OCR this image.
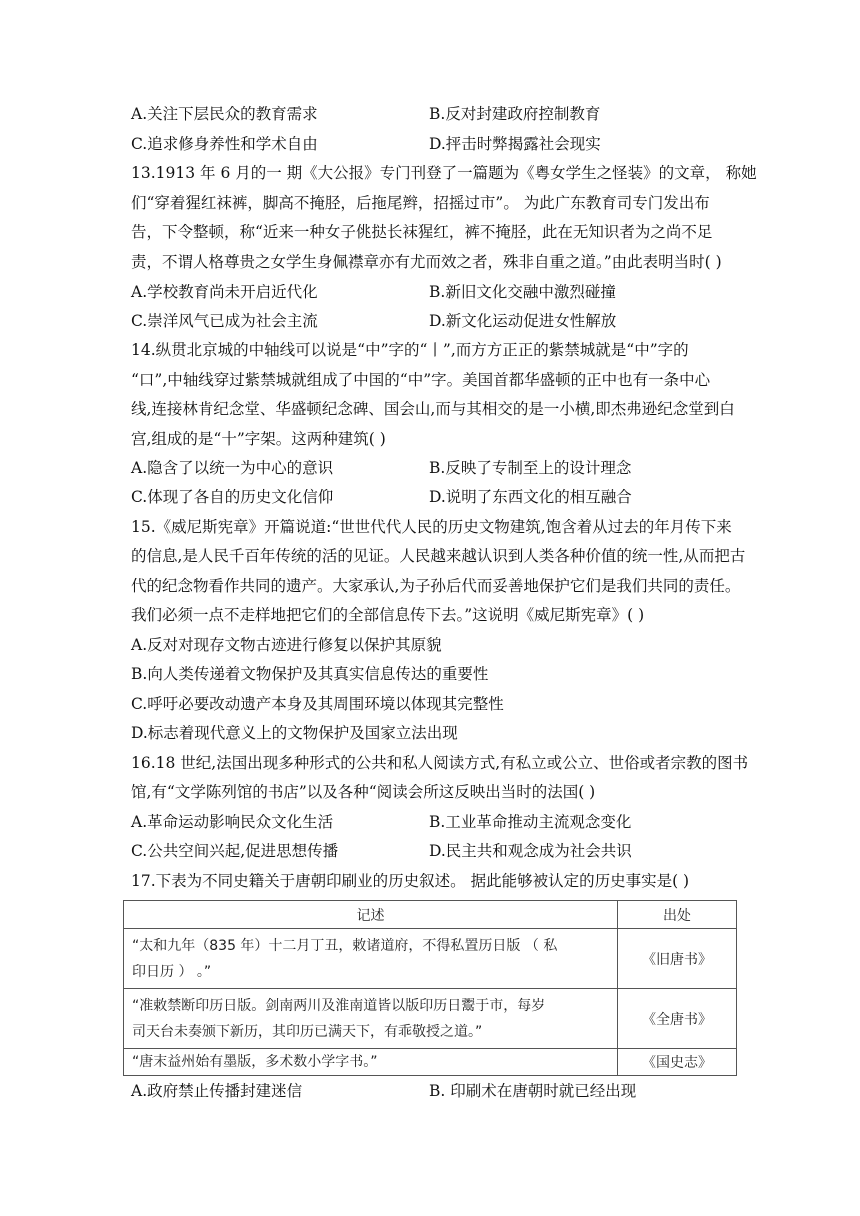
A.关注下层民众的教育需求	B.反对封建政府控制教育
C.追求修身养性和学术自由	D.抨击时弊揭露社会现实
13.1913 年 6 月的一 期《大公报》专门刊登了一篇题为《粤女学生之怪装》的文章， 称她
们“穿着猩红袜裤，脚高不掩胫，后拖尾辫，招摇过市”。 为此广东教育司专门发出布
告，下令整顿，称“近来一种女子佻挞长袜猩红，裤不掩胫，此在无知识者为之尚不足
责，不谓人格尊贵之女学生身佩襟章亦有尤而效之者，殊非自重之道。”由此表明当时( )
A.学校教育尚未开启近代化	B.新旧文化交融中激烈碰撞
C.崇洋风气已成为社会主流	D.新文化运动促进女性解放
14.纵贯北京城的中轴线可以说是“中”字的“丨”,而方方正正的紫禁城就是“中”字的
“口”,中轴线穿过紫禁城就组成了中国的“中”字。美国首都华盛顿的正中也有一条中心
线,连接林肯纪念堂、华盛顿纪念碑、国会山,而与其相交的是一小横,即杰弗逊纪念堂到白
宫,组成的是“十”字架。这两种建筑( )
A.隐含了以统一为中心的意识	B.反映了专制至上的设计理念
C.体现了各自的历史文化信仰	D.说明了东西文化的相互融合
15.《威尼斯宪章》开篇说道:“世世代代人民的历史文物建筑,饱含着从过去的年月传下来
的信息,是人民千百年传统的活的见证。人民越来越认识到人类各种价值的统一性,从而把古
代的纪念物看作共同的遗产。大家承认,为子孙后代而妥善地保护它们是我们共同的责任。
我们必须一点不走样地把它们的全部信息传下去。”这说明《威尼斯宪章》( )
A.反对对现存文物古迹进行修复以保护其原貌
B.向人类传递着文物保护及其真实信息传达的重要性
C.呼吁必要改动遗产本身及其周围环境以体现其完整性
D.标志着现代意义上的文物保护及国家立法出现
16.18 世纪,法国出现多种形式的公共和私人阅读方式,有私立或公立、世俗或者宗教的图书
馆,有“文学陈列馆的书店”以及各种“阅读会所这反映出当时的法国( )
A.革命运动影响民众文化生活	B.工业革命推动主流观念变化
C.公共空间兴起,促进思想传播	D.民主共和观念成为社会共识
17.下表为不同史籍关于唐朝印刷业的历史叙述。 据此能够被认定的历史事实是( )
记述	出处

“太和九年（835 年）十二月丁丑，敕诸道府，不得私置历日版 （ 私
印日历 ） 。”	《旧唐书》

“准敕禁断印历日版。剑南两川及淮南道皆以版印历日鬻于市，每岁
司天台未奏颁下新历，其印历已满天下，有乖敬授之道。”	《全唐书》

“唐末益州始有墨版，多术数小学字书。”	《国史志》
A.政府禁止传播封建迷信	B. 印刷术在唐朝时就已经出现
